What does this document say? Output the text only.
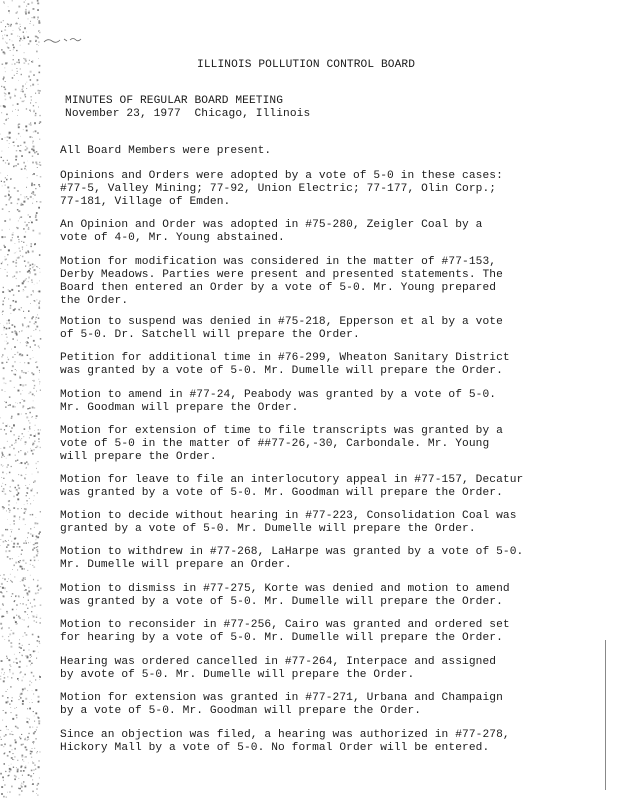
ILLINOIS POLLUTION CONTROL BOARD
MINUTES OF REGULAR BOARD MEETING
November 23, 1977  Chicago, Illinois
All Board Members were present.
Opinions and Orders were adopted by a vote of 5-0 in these cases:
#77-5, Valley Mining; 77-92, Union Electric; 77-177, Olin Corp.;
77-181, Village of Emden.
An Opinion and Order was adopted in #75-280, Zeigler Coal by a
vote of 4-0, Mr. Young abstained.
Motion for modification was considered in the matter of #77-153,
Derby Meadows. Parties were present and presented statements. The
Board then entered an Order by a vote of 5-0. Mr. Young prepared
the Order.
Motion to suspend was denied in #75-218, Epperson et al by a vote
of 5-0. Dr. Satchell will prepare the Order.
Petition for additional time in #76-299, Wheaton Sanitary District
was granted by a vote of 5-0. Mr. Dumelle will prepare the Order.
Motion to amend in #77-24, Peabody was granted by a vote of 5-0.
Mr. Goodman will prepare the Order.
Motion for extension of time to file transcripts was granted by a
vote of 5-0 in the matter of ##77-26,-30, Carbondale. Mr. Young
will prepare the Order.
Motion for leave to file an interlocutory appeal in #77-157, Decatur
was granted by a vote of 5-0. Mr. Goodman will prepare the Order.
Motion to decide without hearing in #77-223, Consolidation Coal was
granted by a vote of 5-0. Mr. Dumelle will prepare the Order.
Motion to withdrew in #77-268, LaHarpe was granted by a vote of 5-0.
Mr. Dumelle will prepare an Order.
Motion to dismiss in #77-275, Korte was denied and motion to amend
was granted by a vote of 5-0. Mr. Dumelle will prepare the Order.
Motion to reconsider in #77-256, Cairo was granted and ordered set
for hearing by a vote of 5-0. Mr. Dumelle will prepare the Order.
Hearing was ordered cancelled in #77-264, Interpace and assigned
by avote of 5-0. Mr. Dumelle will prepare the Order.
Motion for extension was granted in #77-271, Urbana and Champaign
by a vote of 5-0. Mr. Goodman will prepare the Order.
Since an objection was filed, a hearing was authorized in #77-278,
Hickory Mall by a vote of 5-0. No formal Order will be entered.
